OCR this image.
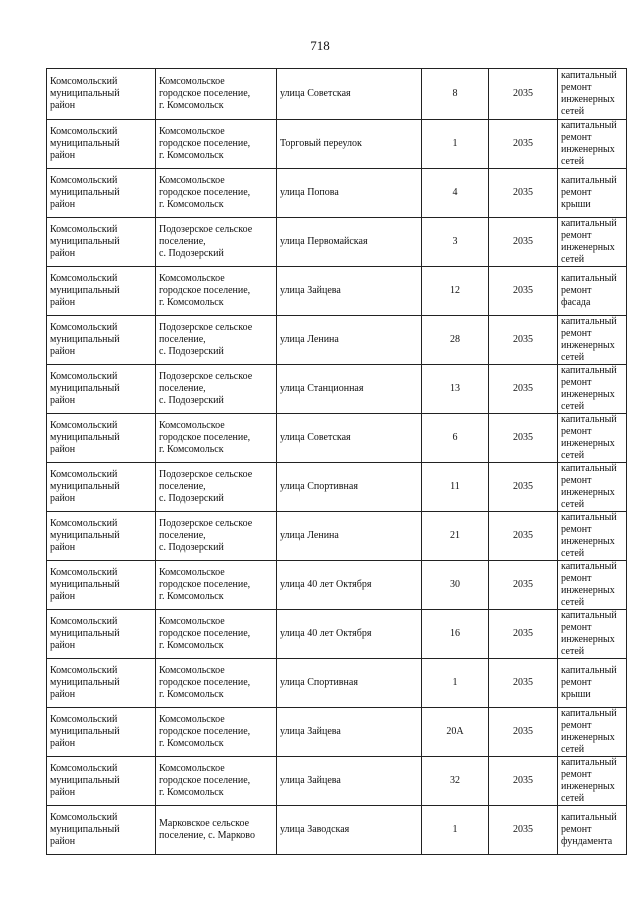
718
Комсомольский
муниципальный
район	Комсомольское
городское поселение,
г. Комсомольск	улица Советская	8	2035	капитальный
ремонт
инженерных
сетей

Комсомольский
муниципальный
район	Комсомольское
городское поселение,
г. Комсомольск	Торговый переулок	1	2035	капитальный
ремонт
инженерных
сетей

Комсомольский
муниципальный
район	Комсомольское
городское поселение,
г. Комсомольск	улица Попова	4	2035	капитальный
ремонт крыши

Комсомольский
муниципальный
район	Подозерское сельское
поселение,
с. Подозерский	улица Первомайская	3	2035	капитальный
ремонт
инженерных
сетей

Комсомольский
муниципальный
район	Комсомольское
городское поселение,
г. Комсомольск	улица Зайцева	12	2035	капитальный
ремонт фасада

Комсомольский
муниципальный
район	Подозерское сельское
поселение,
с. Подозерский	улица Ленина	28	2035	капитальный
ремонт
инженерных
сетей

Комсомольский
муниципальный
район	Подозерское сельское
поселение,
с. Подозерский	улица Станционная	13	2035	капитальный
ремонт
инженерных
сетей

Комсомольский
муниципальный
район	Комсомольское
городское поселение,
г. Комсомольск	улица Советская	6	2035	капитальный
ремонт
инженерных
сетей

Комсомольский
муниципальный
район	Подозерское сельское
поселение,
с. Подозерский	улица Спортивная	11	2035	капитальный
ремонт
инженерных
сетей

Комсомольский
муниципальный
район	Подозерское сельское
поселение,
с. Подозерский	улица Ленина	21	2035	капитальный
ремонт
инженерных
сетей

Комсомольский
муниципальный
район	Комсомольское
городское поселение,
г. Комсомольск	улица 40 лет Октября	30	2035	капитальный
ремонт
инженерных
сетей

Комсомольский
муниципальный
район	Комсомольское
городское поселение,
г. Комсомольск	улица 40 лет Октября	16	2035	капитальный
ремонт
инженерных
сетей

Комсомольский
муниципальный
район	Комсомольское
городское поселение,
г. Комсомольск	улица Спортивная	1	2035	капитальный
ремонт крыши

Комсомольский
муниципальный
район	Комсомольское
городское поселение,
г. Комсомольск	улица Зайцева	20А	2035	капитальный
ремонт
инженерных
сетей

Комсомольский
муниципальный
район	Комсомольское
городское поселение,
г. Комсомольск	улица Зайцева	32	2035	капитальный
ремонт
инженерных
сетей

Комсомольский
муниципальный
район	Марковское сельское
поселение, с. Марково	улица Заводская	1	2035	капитальный
ремонт
фундамента
